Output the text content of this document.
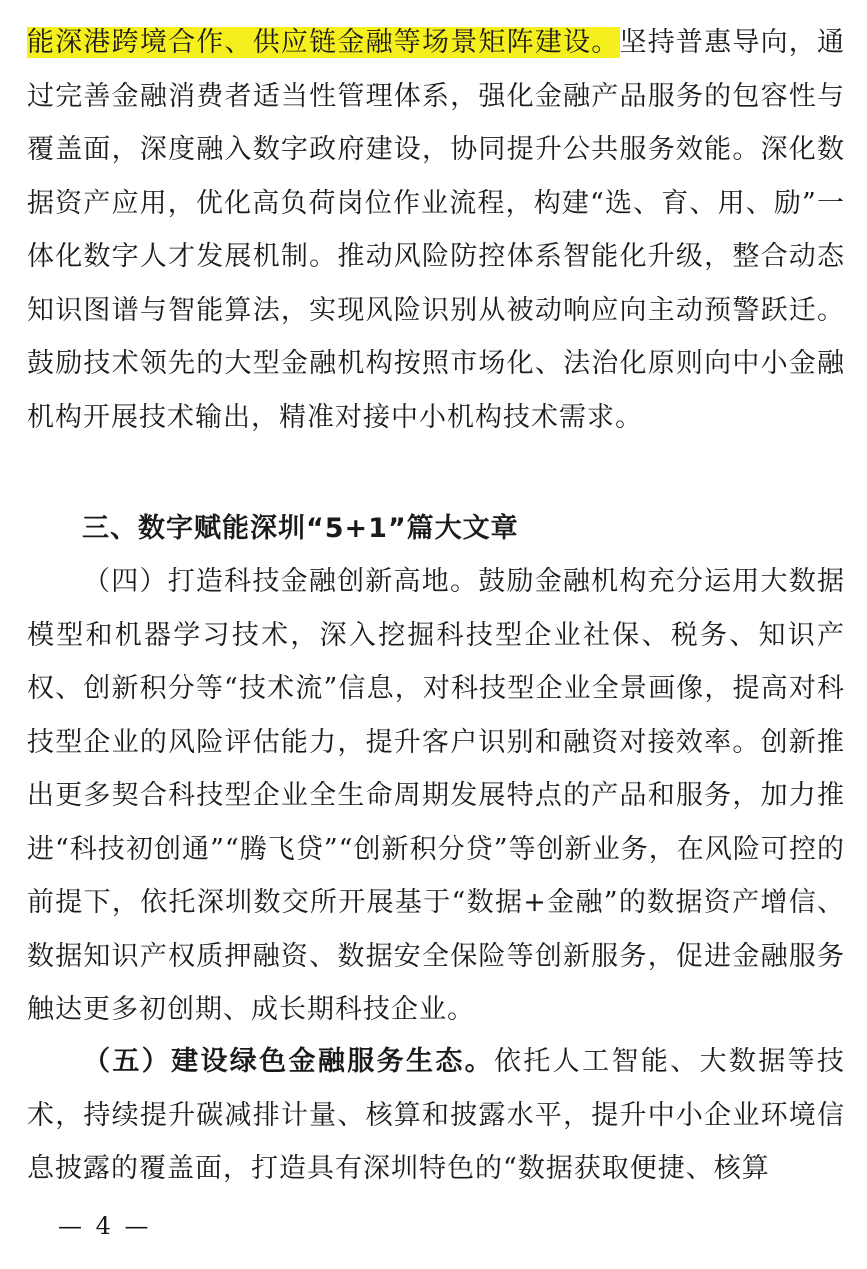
能深港跨境合作、供应链金融等场景矩阵建设。坚持普惠导向，通过完善金融消费者适当性管理体系，强化金融产品服务的包容性与覆盖面，深度融入数字政府建设，协同提升公共服务效能。深化数据资产应用，优化高负荷岗位作业流程，构建“选、育、用、励”一体化数字人才发展机制。推动风险防控体系智能化升级，整合动态知识图谱与智能算法，实现风险识别从被动响应向主动预警跃迁。鼓励技术领先的大型金融机构按照市场化、法治化原则向中小金融机构开展技术输出，精准对接中小机构技术需求。

三、数字赋能深圳“5+1”篇大文章

（四）打造科技金融创新高地。鼓励金融机构充分运用大数据模型和机器学习技术，深入挖掘科技型企业社保、税务、知识产权、创新积分等“技术流”信息，对科技型企业全景画像，提高对科技型企业的风险评估能力，提升客户识别和融资对接效率。创新推出更多契合科技型企业全生命周期发展特点的产品和服务，加力推进“科技初创通”“腾飞贷”“创新积分贷”等创新业务，在风险可控的前提下，依托深圳数交所开展基于“数据+金融”的数据资产增信、数据知识产权质押融资、数据安全保险等创新服务，促进金融服务触达更多初创期、成长期科技企业。

（五）建设绿色金融服务生态。依托人工智能、大数据等技术，持续提升碳减排计量、核算和披露水平，提升中小企业环境信息披露的覆盖面，打造具有深圳特色的“数据获取便捷、核算

— 4 —
